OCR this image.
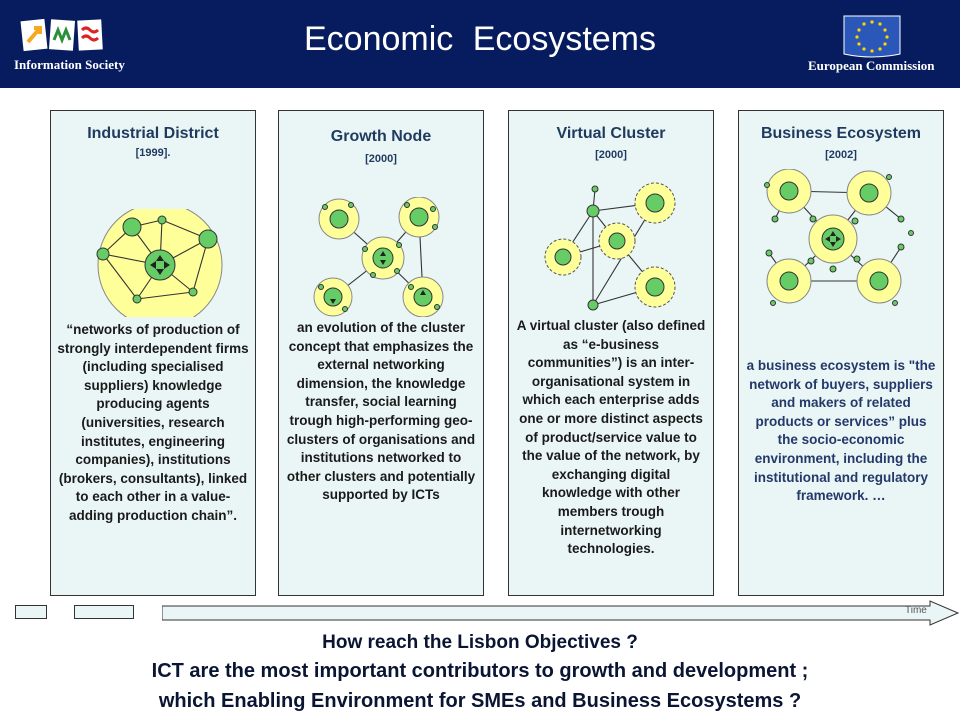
Information Society
Economic Ecosystems
European Commission
Industrial District
[1999].
“networks of production of strongly interdependent firms (including specialised suppliers) knowledge producing agents (universities, research institutes, engineering companies), institutions (brokers, consultants), linked to each other in a value-adding production chain”.
Growth Node
[2000]
an evolution of the cluster concept that emphasizes the external networking dimension, the knowledge transfer, social learning trough high-performing geo-clusters of organisations and institutions networked to other clusters and potentially supported by ICTs
Virtual Cluster
[2000]
A virtual cluster (also defined as “e-business communities”) is an inter-organisational system in which each enterprise adds one or more distinct aspects of product/service value to the value of the network, by exchanging digital knowledge with other members trough internetworking technologies.
Business Ecosystem
[2002]
a business ecosystem is "the network of buyers, suppliers and makers of related products or services” plus the socio-economic environment, including the institutional and regulatory framework. …
Time
How reach the Lisbon Objectives ?
ICT are the most important contributors to growth and development ;
which Enabling Environment for SMEs and Business Ecosystems ?
